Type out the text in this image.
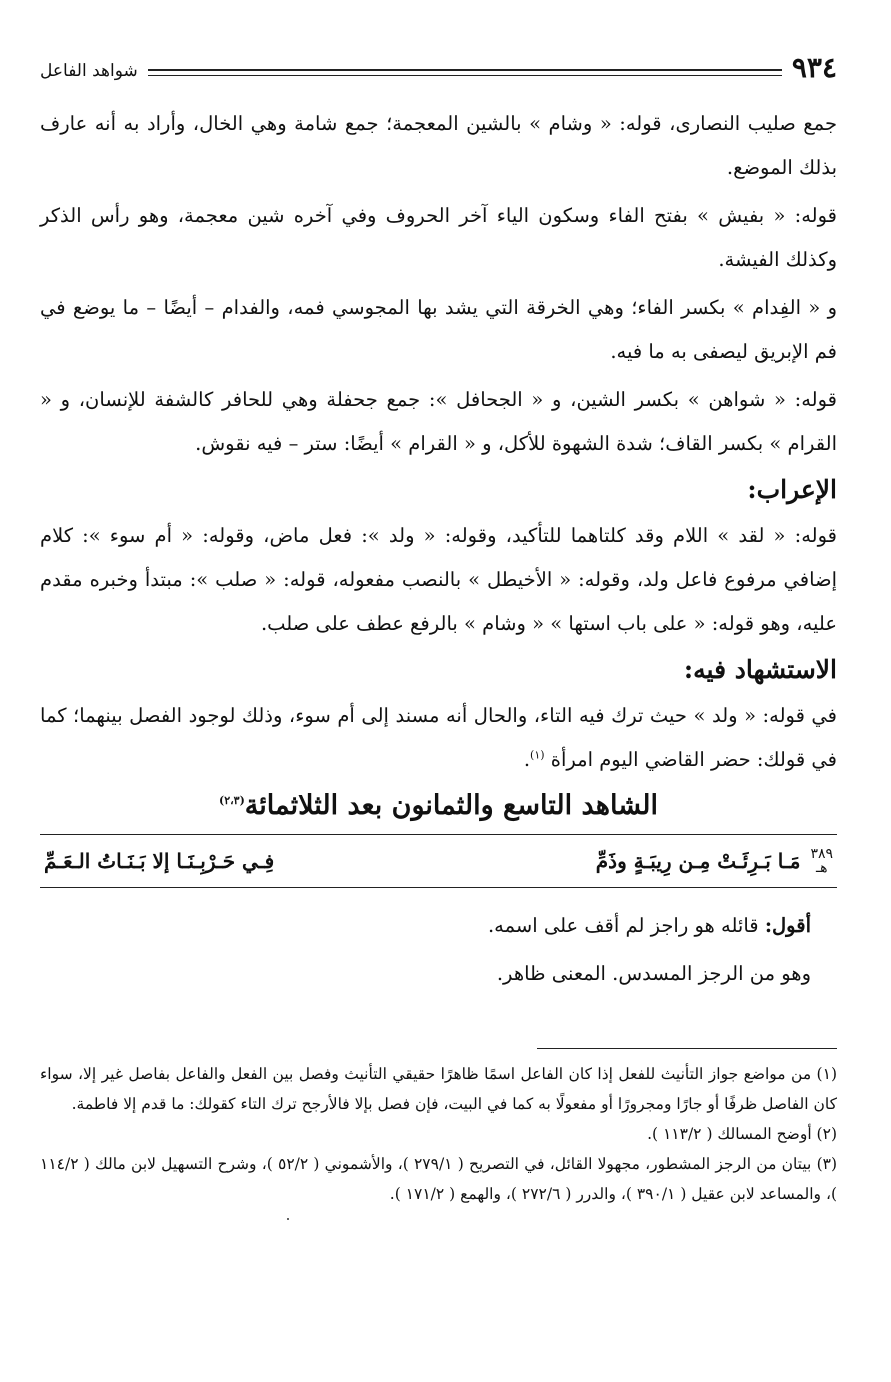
٩٣٤
شواهد الفاعل

جمع صليب النصارى، قوله: « وشام » بالشين المعجمة؛ جمع شامة وهي الخال، وأراد به أنه عارف بذلك الموضع.

قوله: « بفيش » بفتح الفاء وسكون الياء آخر الحروف وفي آخره شين معجمة، وهو رأس الذكر وكذلك الفيشة.

و « الفِدام » بكسر الفاء؛ وهي الخرقة التي يشد بها المجوسي فمه، والفدام – أيضًا – ما يوضع في فم الإبريق ليصفى به ما فيه.

قوله: « شواهن » بكسر الشين، و « الجحافل »: جمع جحفلة وهي للحافر كالشفة للإنسان، و « القرام » بكسر القاف؛ شدة الشهوة للأكل، و « القرام » أيضًا: ستر – فيه نقوش.

الإعراب:

قوله: « لقد » اللام وقد كلتاهما للتأكيد، وقوله: « ولد »: فعل ماض، وقوله: « أم سوء »: كلام إضافي مرفوع فاعل ولد، وقوله: « الأخيطل » بالنصب مفعوله، قوله: « صلب »: مبتدأ وخبره مقدم عليه، وهو قوله: « على باب استها » « وشام » بالرفع عطف على صلب.

الاستشهاد فيه:

في قوله: « ولد » حيث ترك فيه التاء، والحال أنه مسند إلى أم سوء، وذلك لوجود الفصل بينهما؛ كما في قولك: حضر القاضي اليوم امرأة $^{(١)}$.

الشاهد التاسع والثمانون بعد الثلاثمائة$^{(٢،٣)}$
٣٨٩
هـ
مَـا بَـرِئَـتْ مِـن رِيبَـةٍ وذَمِّ
فِـي حَـرْبِـنَـا إلا بَـنَـاتُ الـعَـمِّ

أقول: قائله هو راجز لم أقف على اسمه.

وهو من الرجز المسدس. المعنى ظاهر.

(١) من مواضع جواز التأنيث للفعل إذا كان الفاعل اسمًا ظاهرًا حقيقي التأنيث وفصل بين الفعل والفاعل بفاصل غير إلا، سواء كان الفاصل ظرفًا أو جارًا ومجرورًا أو مفعولًا به كما في البيت، فإن فصل بإلا فالأرجح ترك التاء كقولك: ما قدم إلا فاطمة.

(٢) أوضح المسالك ( ١١٣/٢ ).

(٣) بيتان من الرجز المشطور، مجهولا القائل، في التصريح ( ٢٧٩/١ )، والأشموني ( ٥٢/٢ )، وشرح التسهيل لابن مالك ( ١١٤/٢ )، والمساعد لابن عقيل ( ٣٩٠/١ )، والدرر ( ٢٧٢/٦ )، والهمع ( ١٧١/٢ ).
